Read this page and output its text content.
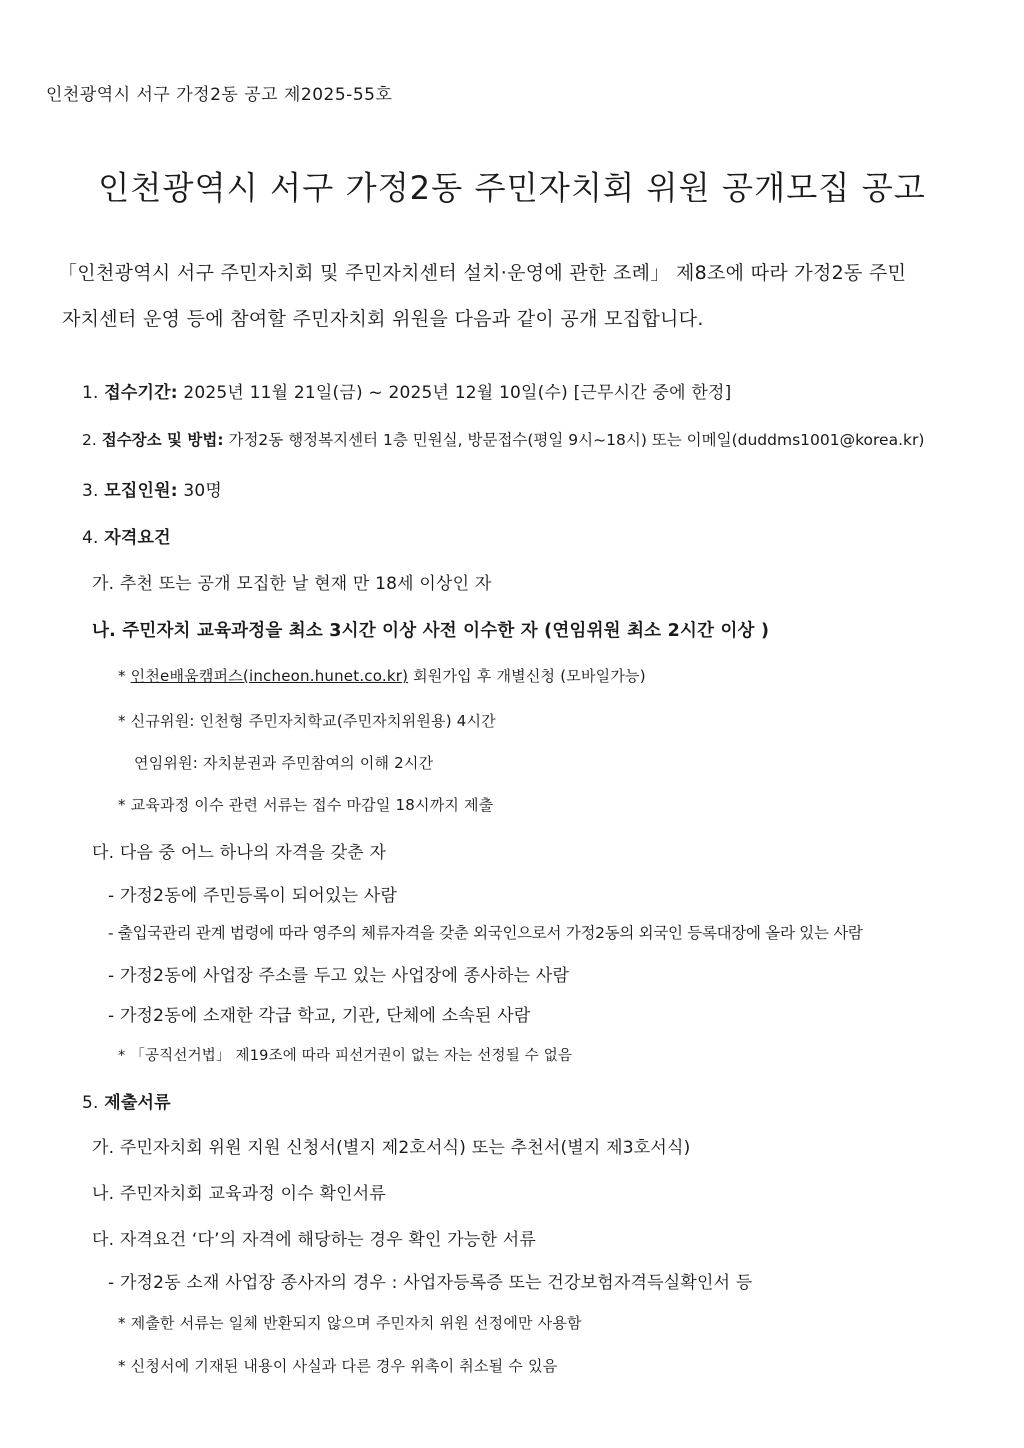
인천광역시 서구 가정2동 공고 제2025-55호
인천광역시 서구 가정2동 주민자치회 위원 공개모집 공고
「인천광역시 서구 주민자치회 및 주민자치센터 설치·운영에 관한 조례」 제8조에 따라 가정2동 주민
자치센터 운영 등에 참여할 주민자치회 위원을 다음과 같이 공개 모집합니다.
1. 접수기간: 2025년 11월 21일(금) ~ 2025년 12월 10일(수) [근무시간 중에 한정]
2. 접수장소 및 방법: 가정2동 행정복지센터 1층 민원실, 방문접수(평일 9시~18시) 또는 이메일(duddms1001@korea.kr)
3. 모집인원: 30명
4. 자격요건
가. 추천 또는 공개 모집한 날 현재 만 18세 이상인 자
나. 주민자치 교육과정을 최소 3시간 이상 사전 이수한 자 (연임위원 최소 2시간 이상 )
* 인천e배움캠퍼스(incheon.hunet.co.kr) 회원가입 후 개별신청 (모바일가능)
* 신규위원: 인천형 주민자치학교(주민자치위원용) 4시간
연임위원: 자치분권과 주민참여의 이해 2시간
* 교육과정 이수 관련 서류는 접수 마감일 18시까지 제출
다. 다음 중 어느 하나의 자격을 갖춘 자
- 가정2동에 주민등록이 되어있는 사람
- 출입국관리 관계 법령에 따라 영주의 체류자격을 갖춘 외국인으로서 가정2동의 외국인 등록대장에 올라 있는 사람
- 가정2동에 사업장 주소를 두고 있는 사업장에 종사하는 사람
- 가정2동에 소재한 각급 학교, 기관, 단체에 소속된 사람
* 「공직선거법」 제19조에 따라 피선거권이 없는 자는 선정될 수 없음
5. 제출서류
가. 주민자치회 위원 지원 신청서(별지 제2호서식) 또는 추천서(별지 제3호서식)
나. 주민자치회 교육과정 이수 확인서류
다. 자격요건 ‘다’의 자격에 해당하는 경우 확인 가능한 서류
- 가정2동 소재 사업장 종사자의 경우 : 사업자등록증 또는 건강보험자격득실확인서 등
* 제출한 서류는 일체 반환되지 않으며 주민자치 위원 선정에만 사용함
* 신청서에 기재된 내용이 사실과 다른 경우 위촉이 취소될 수 있음
